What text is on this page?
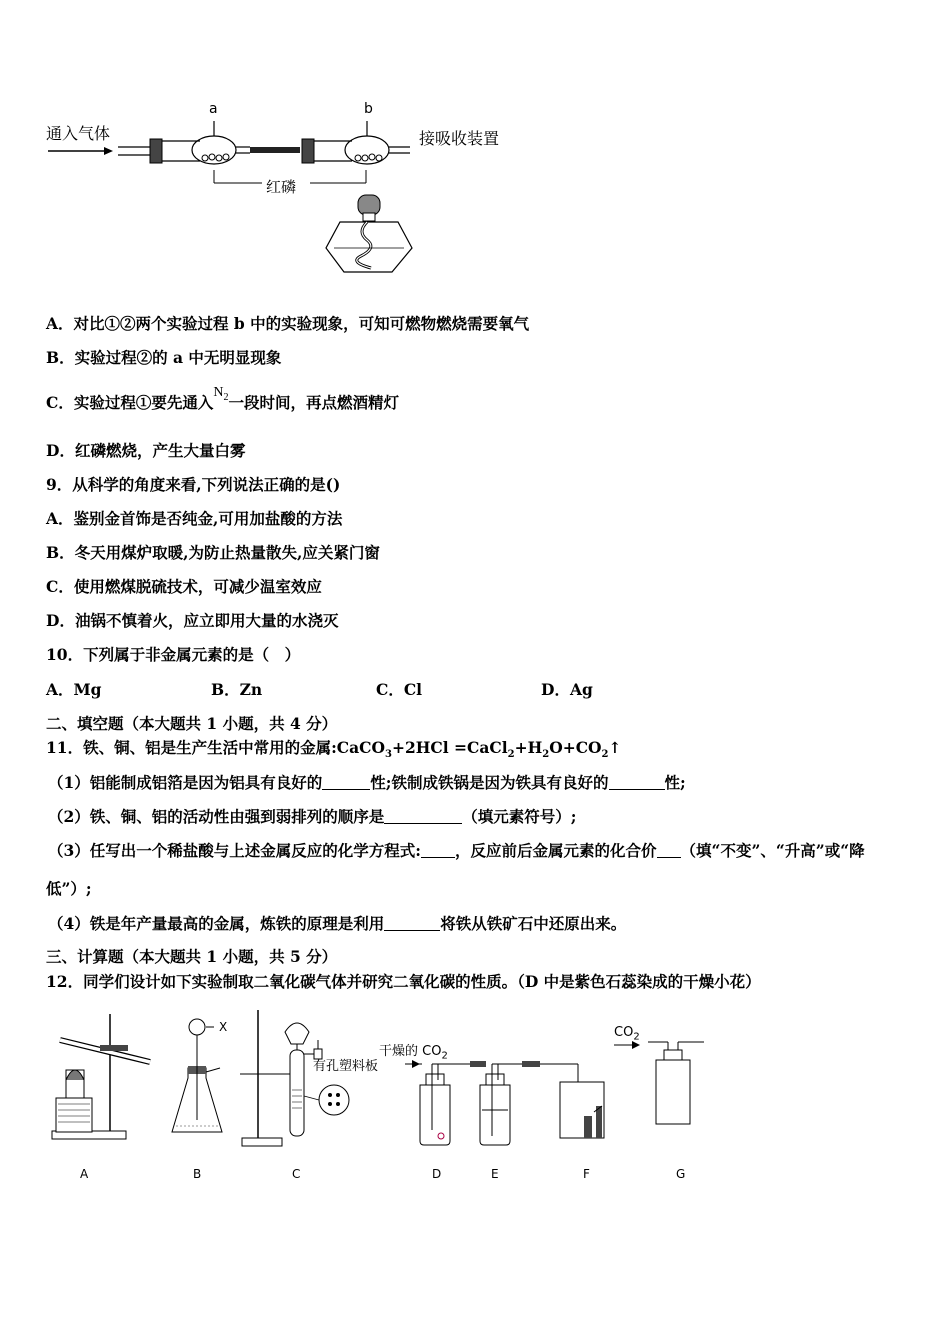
通入气体	接吸收装置
a	b
红磷
A．对比①②两个实验过程 b 中的实验现象，可知可燃物燃烧需要氧气
B．实验过程②的 a 中无明显现象
C．实验过程①要先通入$N_2$一段时间，再点燃酒精灯
D．红磷燃烧，产生大量白雾
9．从科学的角度来看,下列说法正确的是()
A．鉴别金首饰是否纯金,可用加盐酸的方法
B．冬天用煤炉取暖,为防止热量散失,应关紧门窗
C．使用燃煤脱硫技术，可减少温室效应
D．油锅不慎着火，应立即用大量的水浇灭
10．下列属于非金属元素的是（　）
A．Mg	B．Zn	C．Cl	D．Ag
二、填空题（本大题共 1 小题，共 4 分）
11．铁、铜、铝是生产生活中常用的金属:CaCO$_3$+2HCl $=CaCl_2+H_2O+CO_2↑$
（1）铝能制成铝箔是因为铝具有良好的	性;铁制成铁锅是因为铁具有良好的	性;
（2）铁、铜、铝的活动性由强到弱排列的顺序是	（填元素符号）;
（3）任写出一个稀盐酸与上述金属反应的化学方程式: ，反应前后金属元素的化合价 （填“不变”、“升高”或“降
低”）;
（4）铁是年产量最高的金属，炼铁的原理是利用	将铁从铁矿石中还原出来。
三、计算题（本大题共 1 小题，共 5 分）
12．同学们设计如下实验制取二氧化碳气体并研究二氧化碳的性质。（D 中是紫色石蕊染成的干燥小花）
X
有孔塑料板
干燥的 $CO_2$
$CO_2$
A	B	C	D	E	F	G
